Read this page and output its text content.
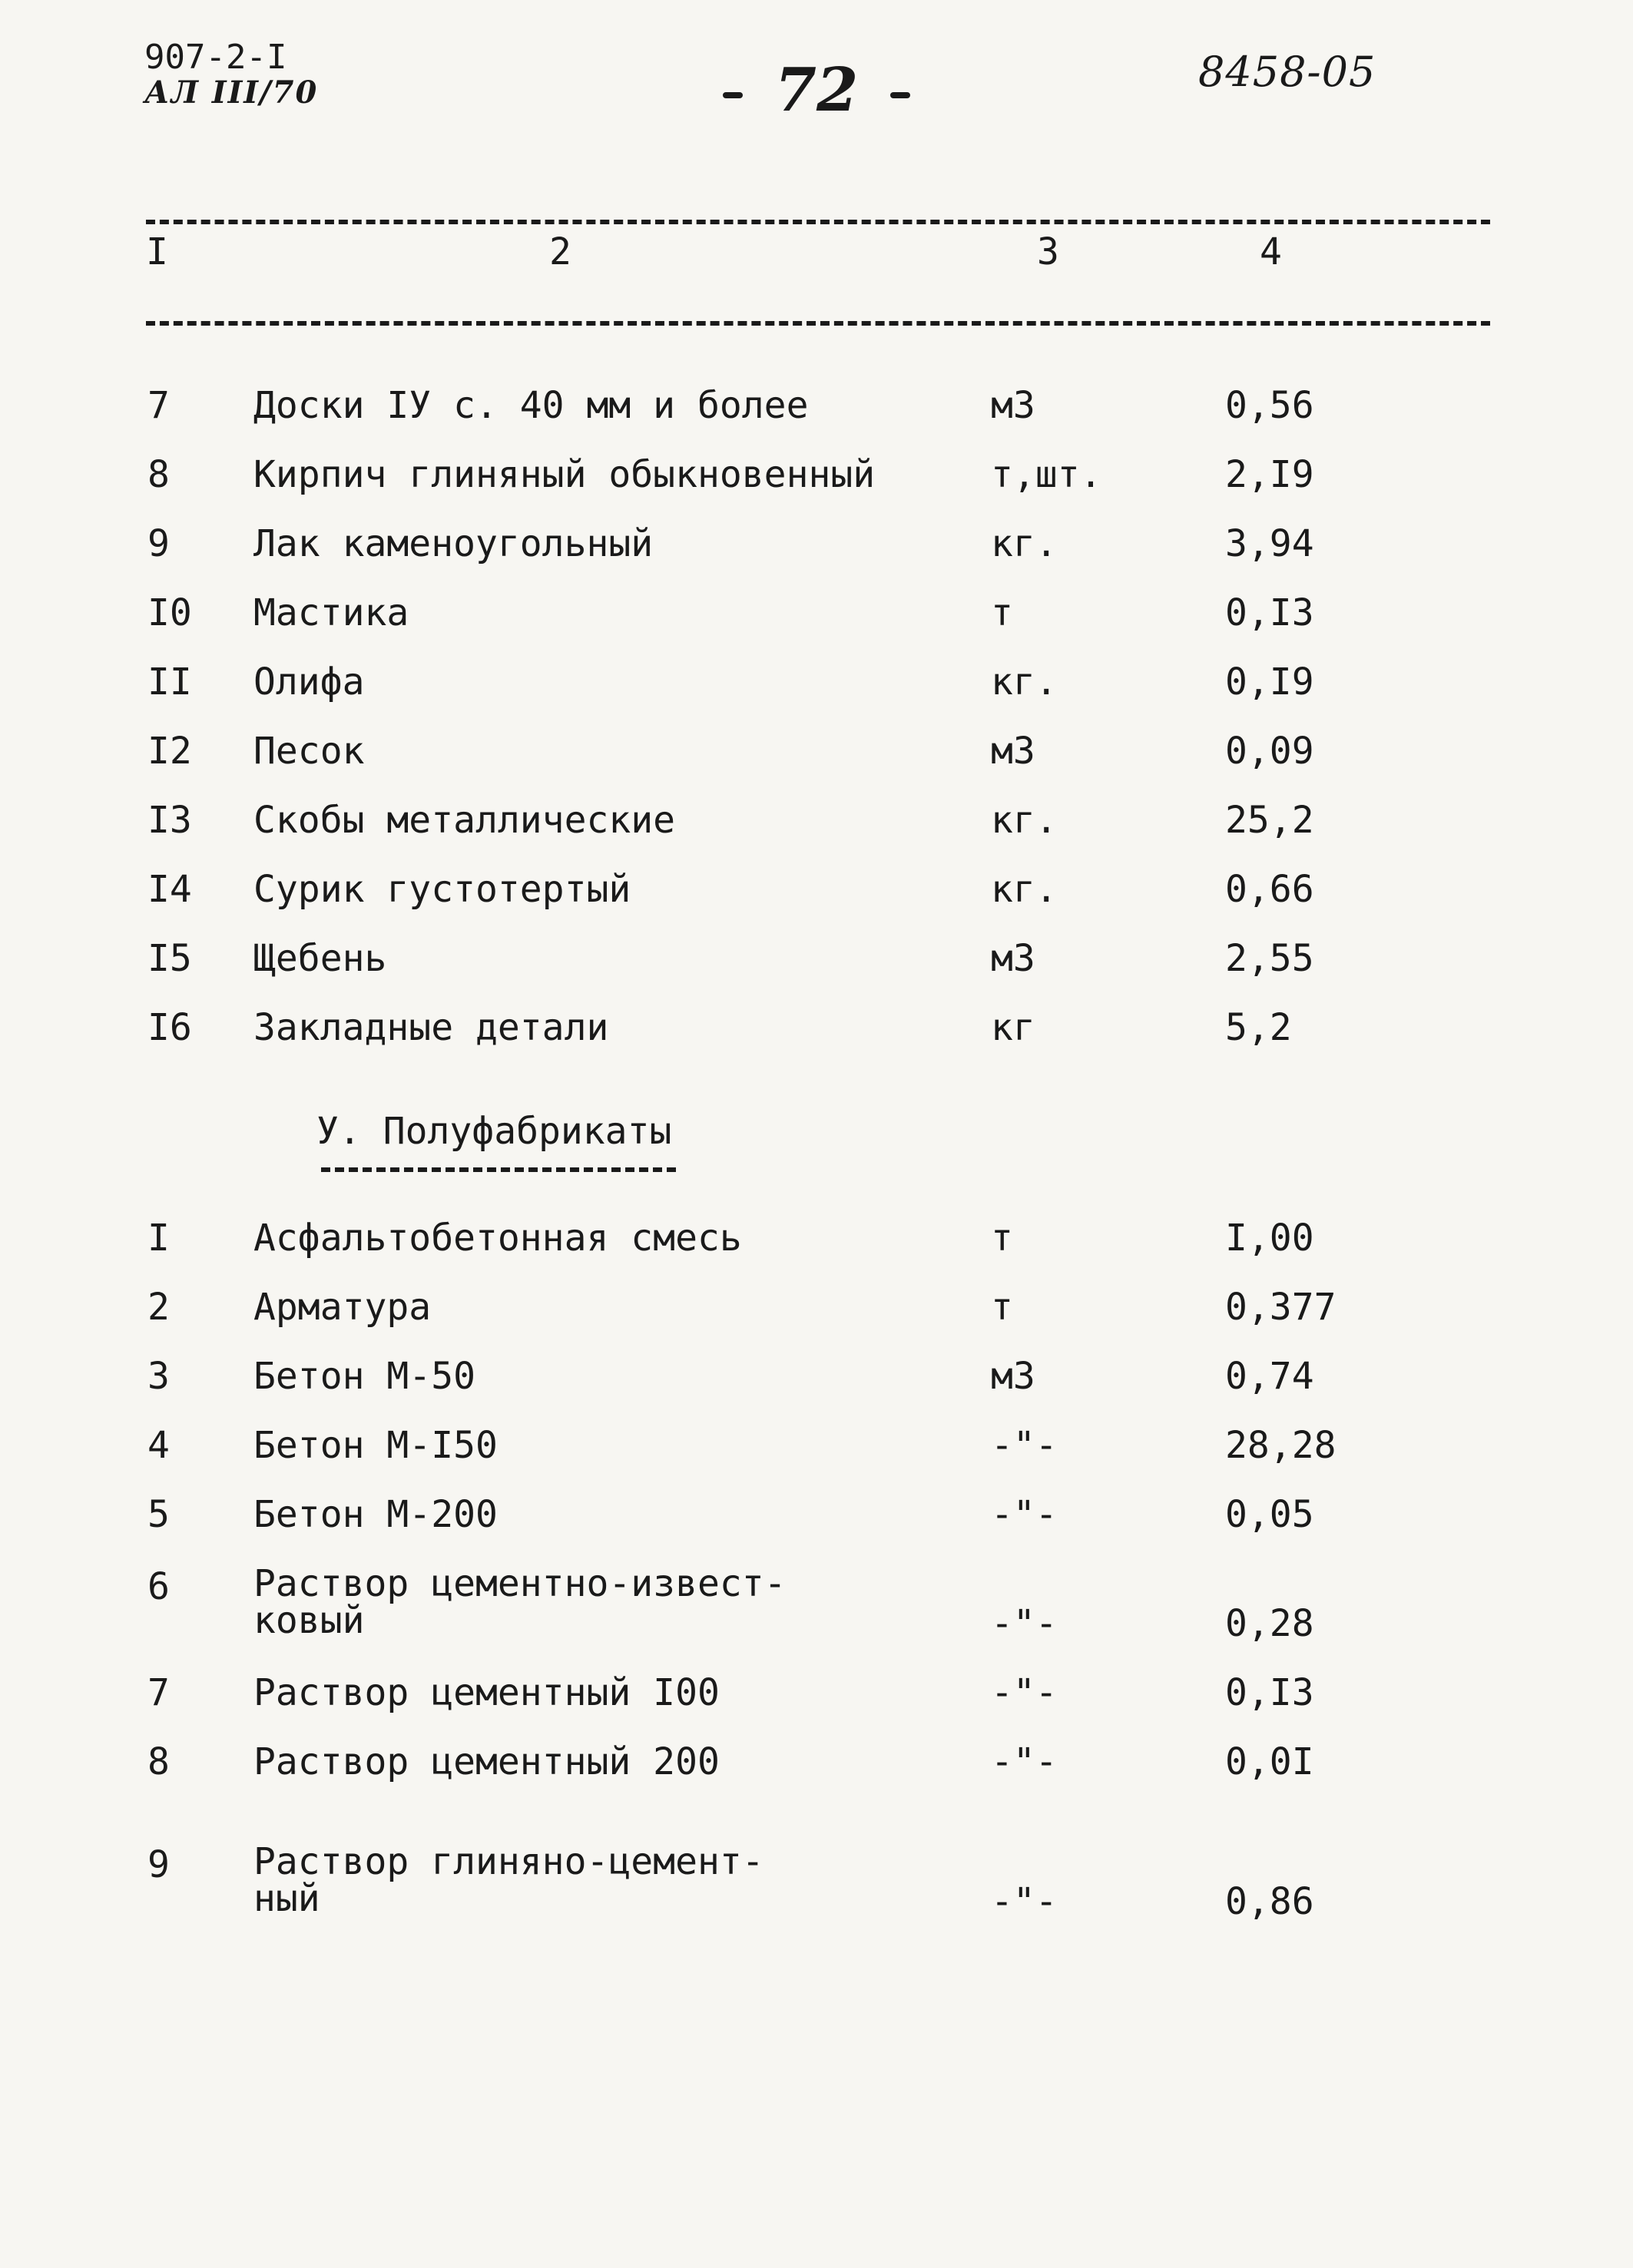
907-2-I
АЛ III/70	72	8458-05
I	2	3	4
7 Доски IУ с. 40 мм и более	м3	0,56
8 Кирпич глиняный обыкновенный	т,шт.	2,I9
9 Лак каменоугольный	кг.	3,94
I0 Мастика	т	0,I3
II Олифа	кг.	0,I9
I2 Песок	м3	0,09
I3 Скобы металлические	кг.	25,2
I4 Сурик густотертый	кг.	0,66
I5 Щебень	м3	2,55
I6 Закладные детали	кг	5,2
У. Полуфабрикаты
I Асфальтобетонная смесь	т	I,00
2 Арматура	т	0,377
3 Бетон М-50	м3	0,74
4 Бетон М-I50	-"-	28,28
5 Бетон М-200	-"-	0,05
6 Раствор цементно-извест-
ковый	-"-	0,28
7 Раствор цементный I00	-"-	0,I3
8 Раствор цементный 200	-"-	0,0I
9 Раствор глиняно-цемент-
ный	-"-	0,86
